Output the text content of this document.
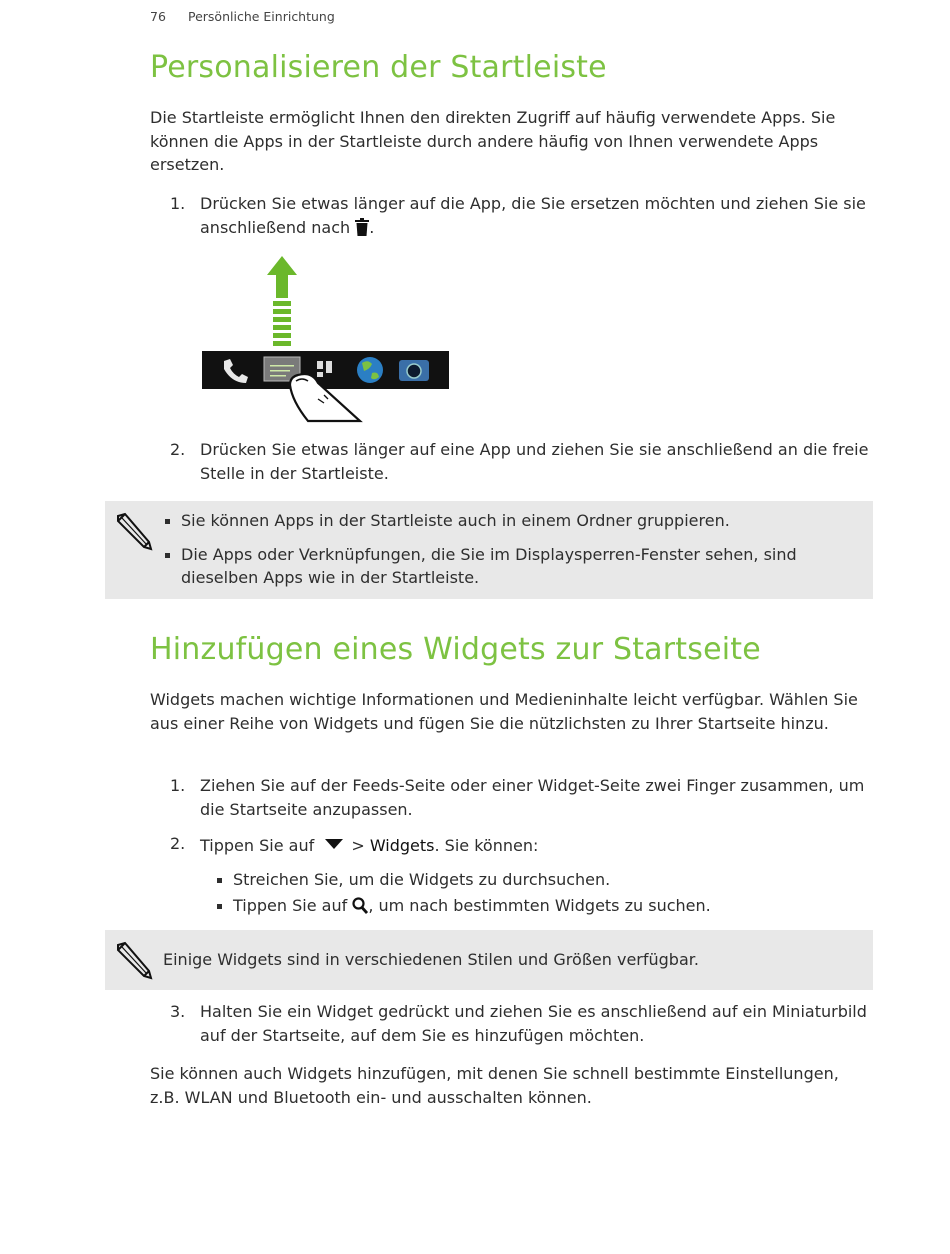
76 Persönliche Einrichtung
Personalisieren der Startleiste

Die Startleiste ermöglicht Ihnen den direkten Zugriff auf häufig verwendete Apps. Sie können die Apps in der Startleiste durch andere häufig von Ihnen verwendete Apps ersetzen.

1. Drücken Sie etwas länger auf die App, die Sie ersetzen möchten und ziehen Sie sie anschließend nach .
2. Drücken Sie etwas länger auf eine App und ziehen Sie sie anschließend an die freie Stelle in der Startleiste.
Sie können Apps in der Startleiste auch in einem Ordner gruppieren.
Die Apps oder Verknüpfungen, die Sie im Displaysperren-Fenster sehen, sind dieselben Apps wie in der Startleiste.
Hinzufügen eines Widgets zur Startseite

Widgets machen wichtige Informationen und Medieninhalte leicht verfügbar. Wählen Sie aus einer Reihe von Widgets und fügen Sie die nützlichsten zu Ihrer Startseite hinzu.

1. Ziehen Sie auf der Feeds-Seite oder einer Widget-Seite zwei Finger zusammen, um die Startseite anzupassen.
2. Tippen Sie auf > Widgets. Sie können:
Streichen Sie, um die Widgets zu durchsuchen.
Tippen Sie auf , um nach bestimmten Widgets zu suchen.
Einige Widgets sind in verschiedenen Stilen und Größen verfügbar.
3. Halten Sie ein Widget gedrückt und ziehen Sie es anschließend auf ein Miniaturbild auf der Startseite, auf dem Sie es hinzufügen möchten.

Sie können auch Widgets hinzufügen, mit denen Sie schnell bestimmte Einstellungen, z.B. WLAN und Bluetooth ein- und ausschalten können.
